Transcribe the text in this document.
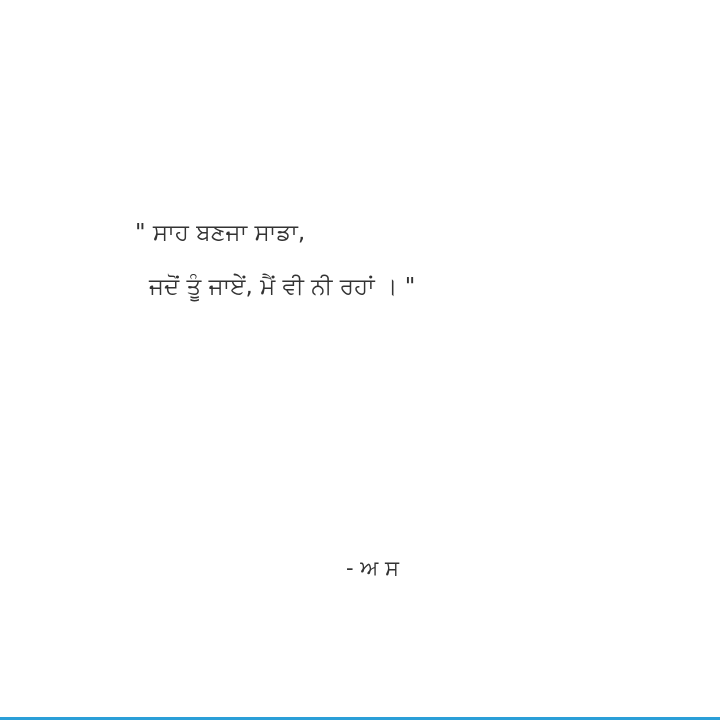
" ਸਾਹ ਬਣਜਾ ਸਾਡਾ,
ਜਦੋਂ ਤੂੰ ਜਾਏਂ, ਮੈਂ ਵੀ ਨੀ ਰਹਾਂ । "
- ਅ ਸ
